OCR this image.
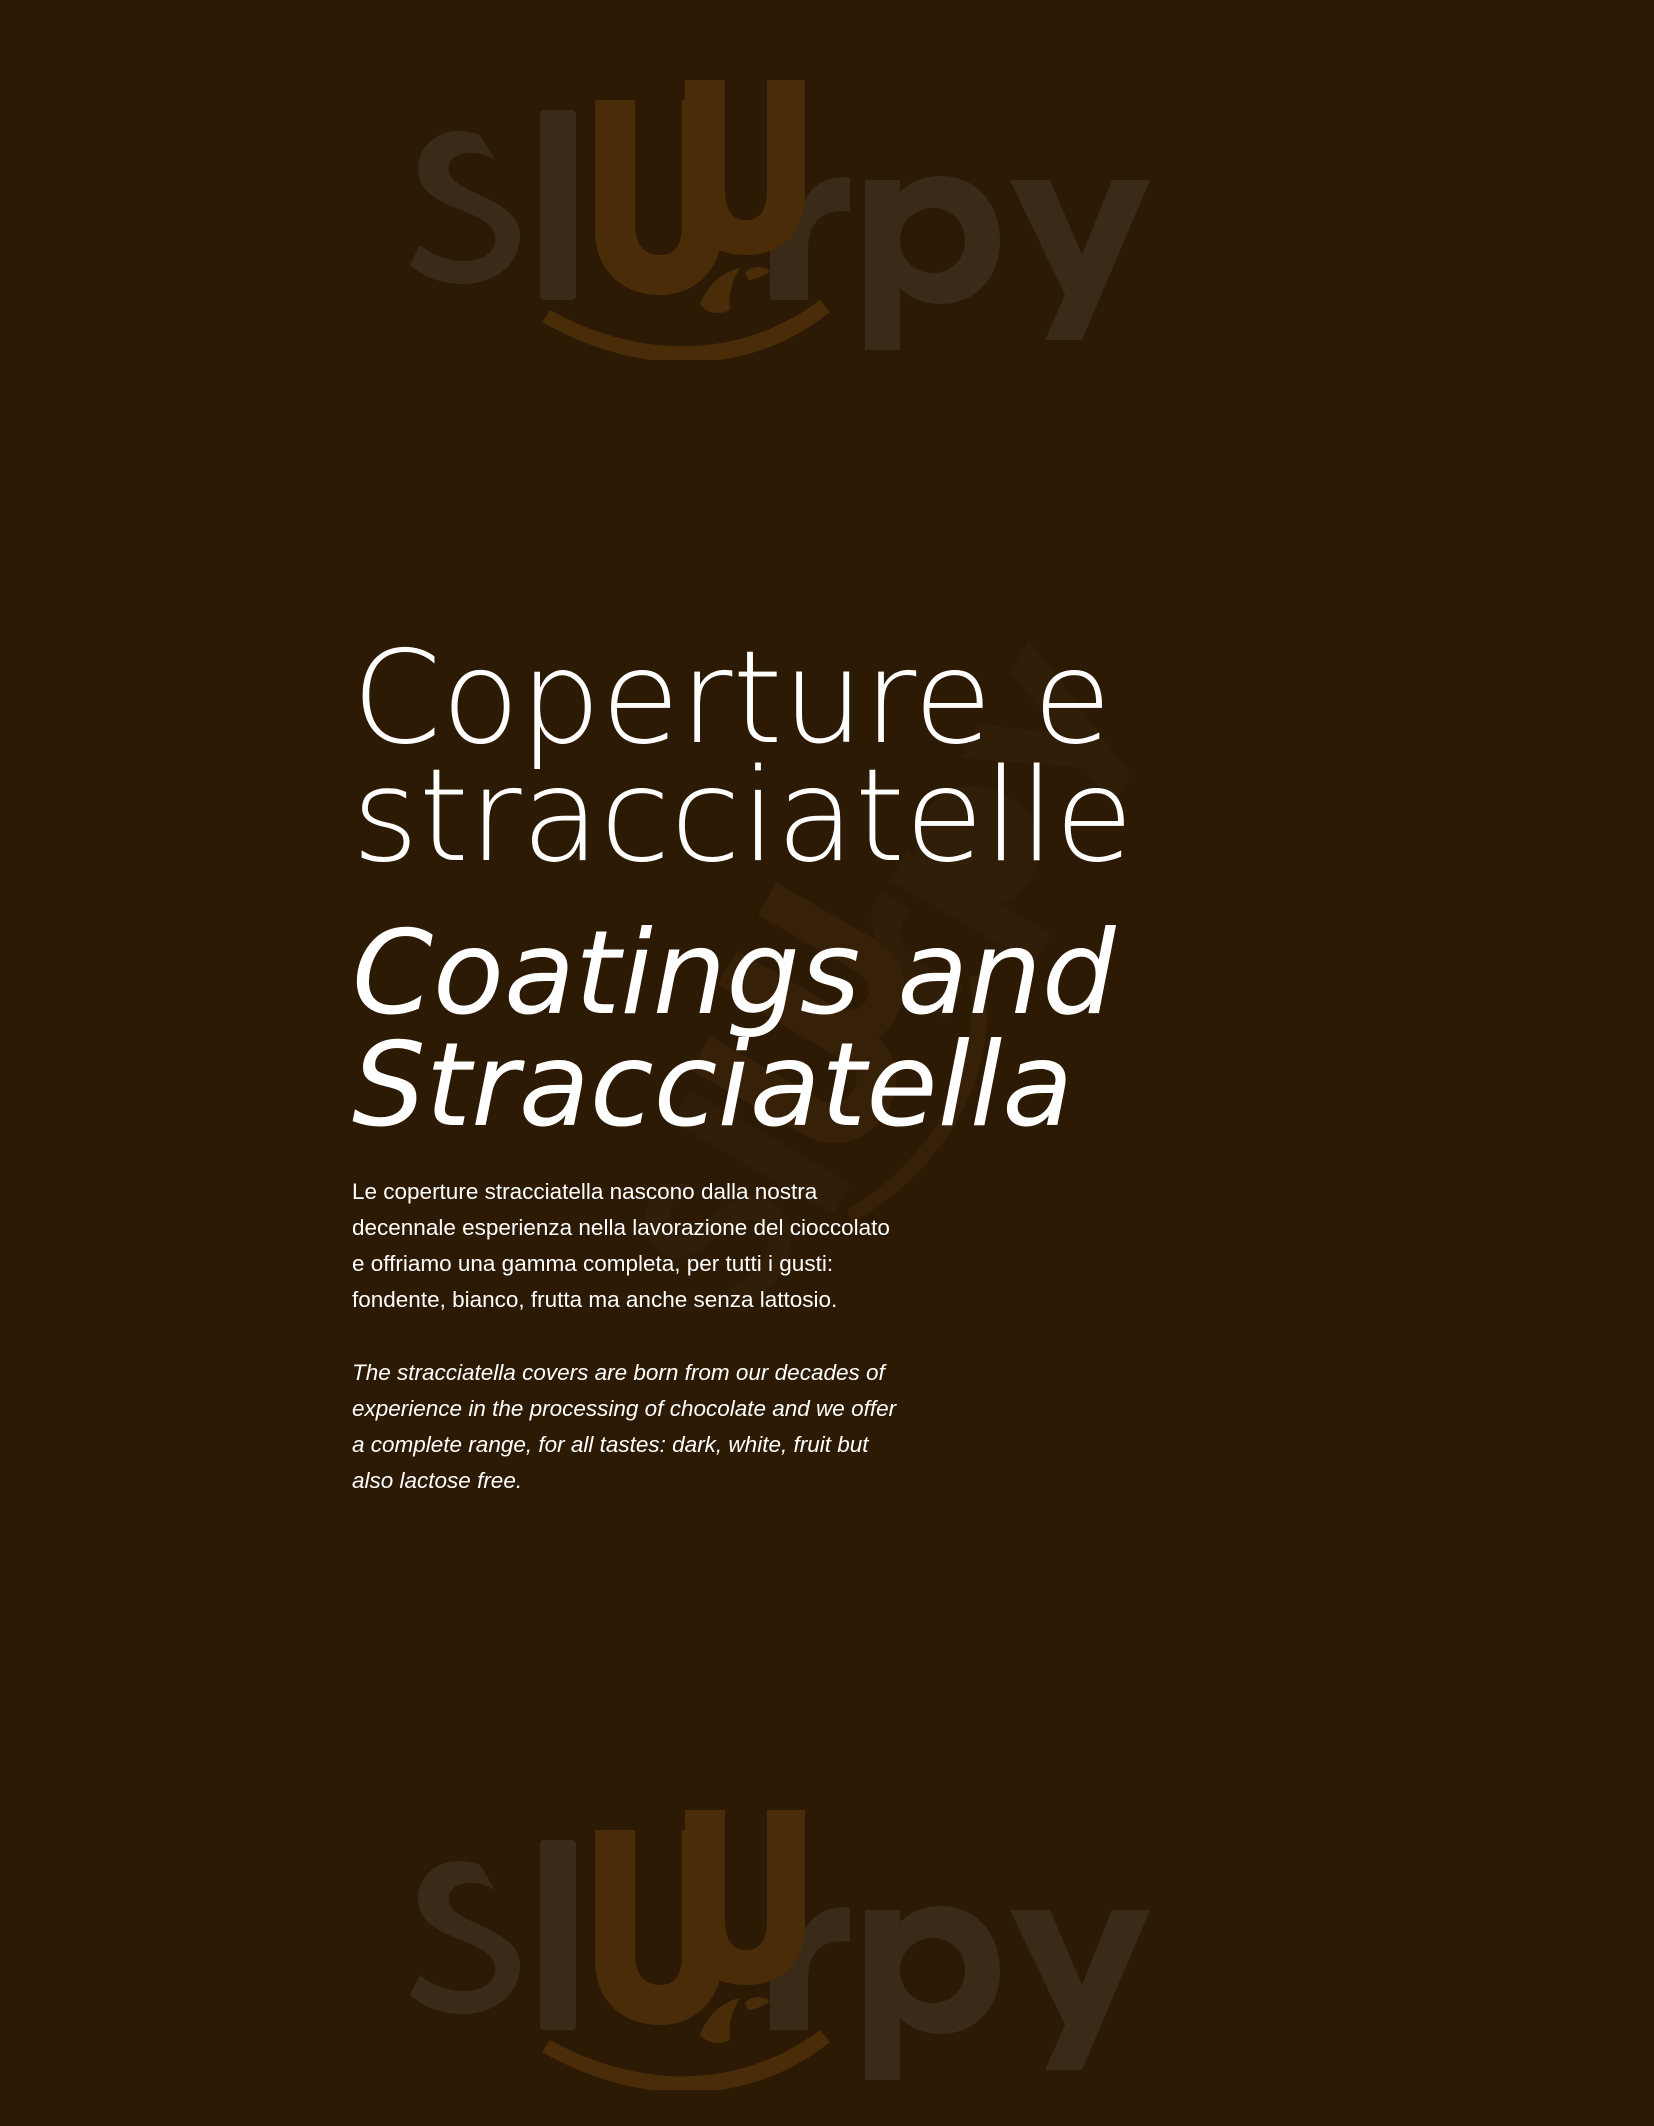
Coperture e
stracciatelle
Coatings and
Stracciatella

Le coperture stracciatella nascono dalla nostra
decennale esperienza nella lavorazione del cioccolato
e offriamo una gamma completa, per tutti i gusti:
fondente, bianco, frutta ma anche senza lattosio.

The stracciatella covers are born from our decades of
experience in the processing of chocolate and we offer
a complete range, for all tastes: dark, white, fruit but
also lactose free.
